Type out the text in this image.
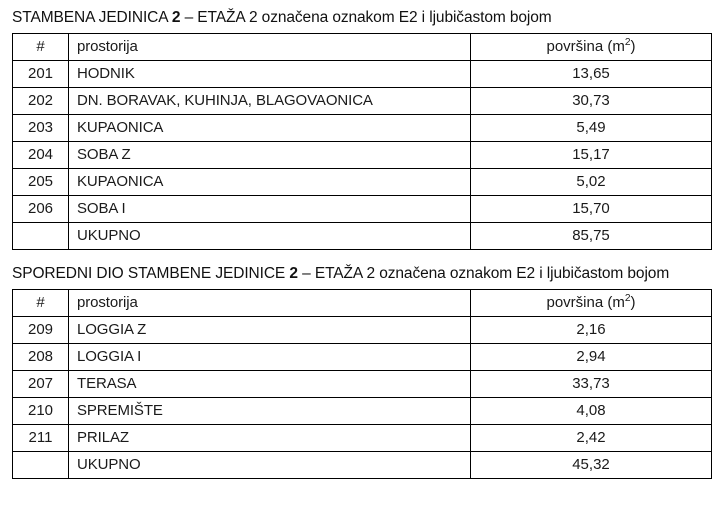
STAMBENA JEDINICA 2 – ETAŽA 2 označena oznakom E2 i ljubičastom bojom

#	prostorija	površina $(m^2)$
201	HODNIK	13,65
202	DN. BORAVAK, KUHINJA, BLAGOVAONICA	30,73
203	KUPAONICA	5,49
204	SOBA Z	15,17
205	KUPAONICA	5,02
206	SOBA I	15,70
	UKUPNO	85,75

SPOREDNI DIO STAMBENE JEDINICE 2 – ETAŽA 2 označena oznakom E2 i ljubičastom bojom

#	prostorija	površina $(m^2)$
209	LOGGIA Z	2,16
208	LOGGIA I	2,94
207	TERASA	33,73
210	SPREMIŠTE	4,08
211	PRILAZ	2,42
	UKUPNO	45,32
